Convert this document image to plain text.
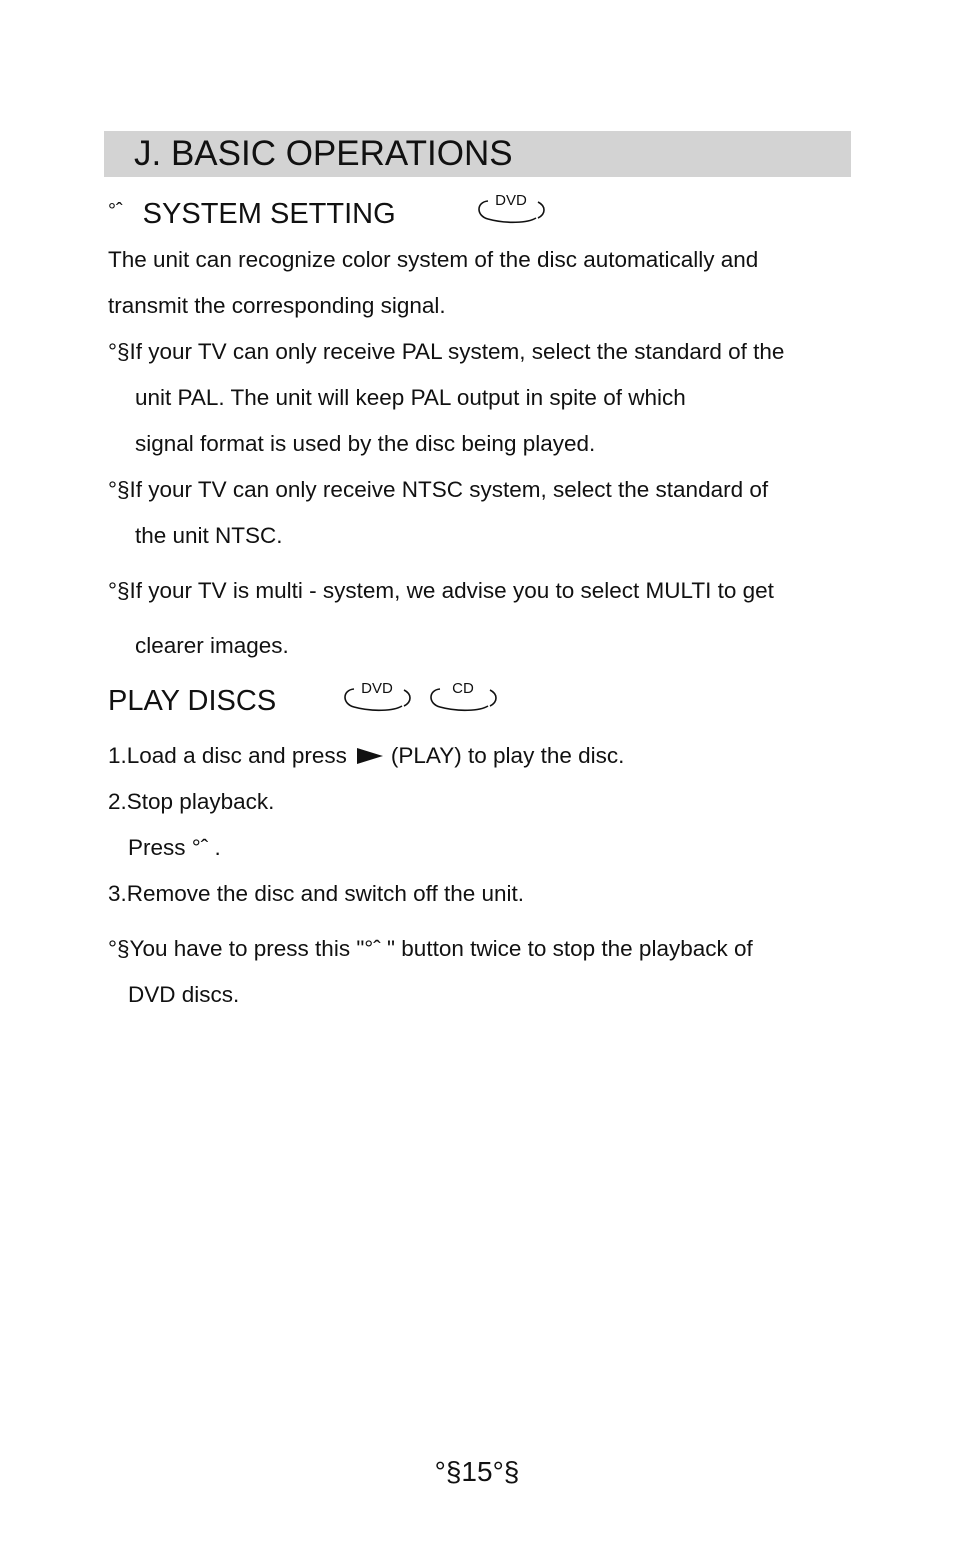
J. BASIC OPERATIONS
$^{^\circ ˆ}$ SYSTEM SETTING	DVD
The unit can recognize color system of the disc automatically and
transmit the corresponding signal.
°§If your TV can only receive PAL system, select the standard of the
unit PAL. The unit will keep PAL output in spite of which
signal format is used by the disc being played.
°§If your TV can only receive NTSC system, select the standard of
the unit NTSC.
°§If your TV is multi - system, we advise you to select MULTI to get
clearer images.
PLAY DISCS	DVD	CD
1.Load a disc and press (PLAY) to play the disc.
2.Stop playback.
Press °ˆ .
3.Remove the disc and switch off the unit.
°§You have to press this "°ˆ " button twice to stop the playback of
DVD discs.
°§15°§
